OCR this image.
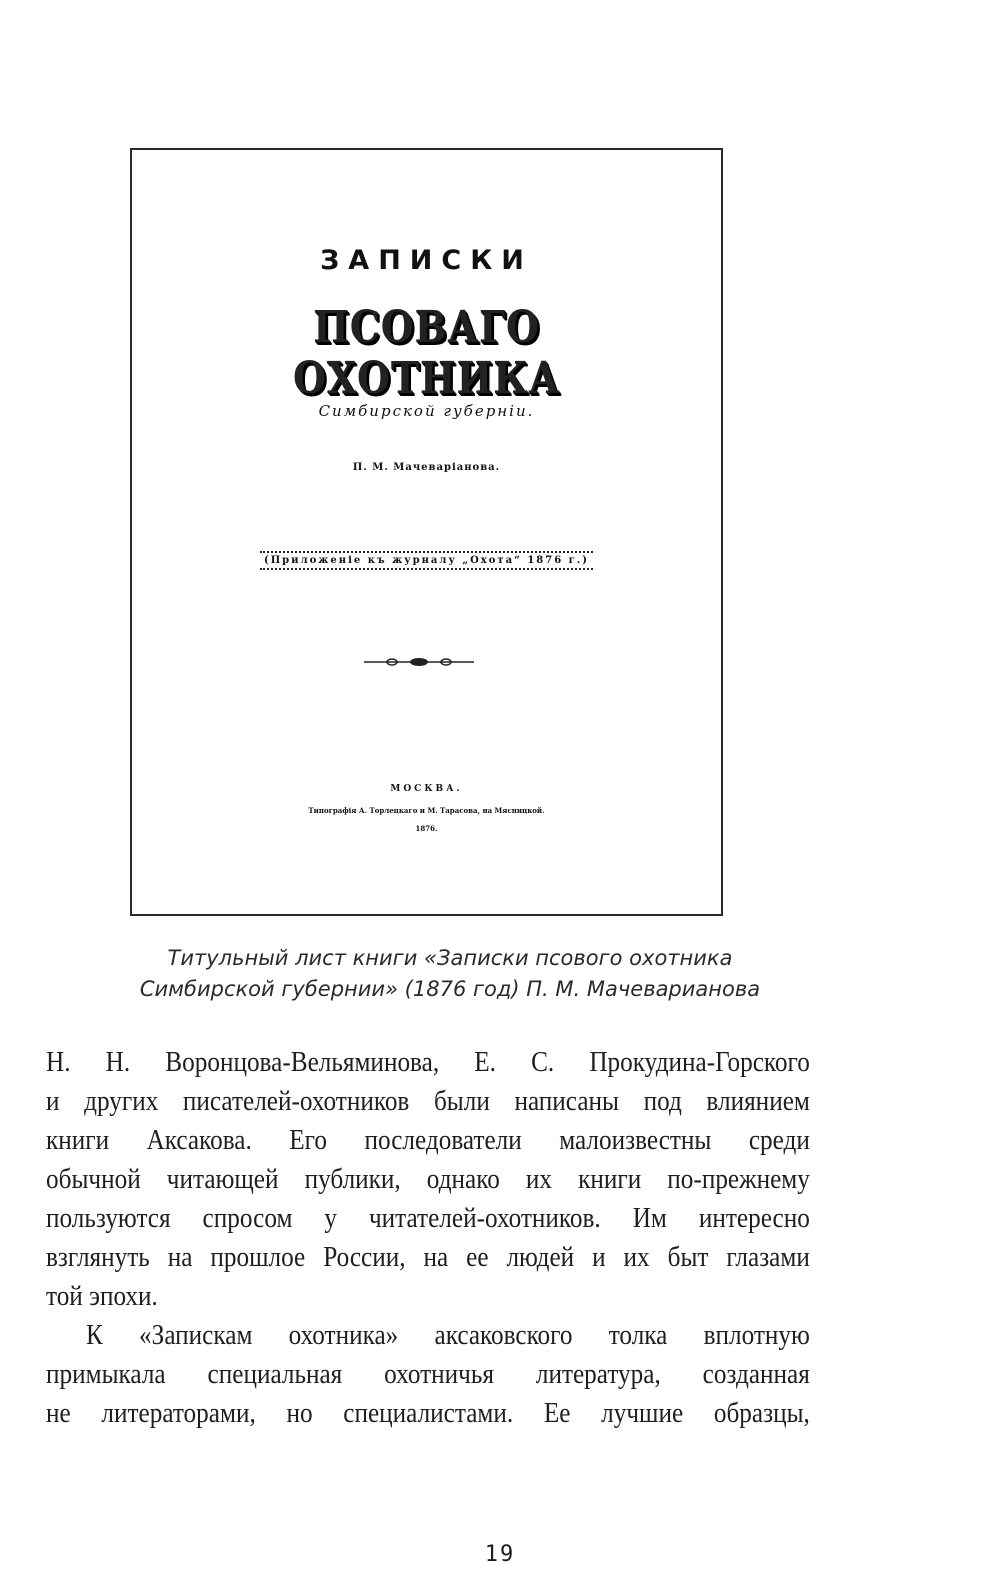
ЗАПИСКИ
ПСОВАГО ОХОТНИКА
Симбирской губерніи.
П. М. Мачеваріанова.
(Приложеніе къ журналу „Охота“ 1876 г.)
МОСКВА.
Типографія А. Торлецкаго и М. Тарасова, на Мясницкой.
1876.
Титульный лист книги «Записки псового охотника
Симбирской губернии» (1876 год) П. М. Мачеварианова
Н. Н. Воронцова-Вельяминова, Е. С. Прокудина-Горского
и других писателей-охотников были написаны под влиянием
книги Аксакова. Его последователи малоизвестны среди
обычной читающей публики, однако их книги по-прежнему
пользуются спросом у читателей-охотников. Им интересно
взглянуть на прошлое России, на ее людей и их быт глазами
той эпохи.
К «Запискам охотника» аксаковского толка вплотную
примыкала специальная охотничья литература, созданная
не литераторами, но специалистами. Ее лучшие образцы,
19
